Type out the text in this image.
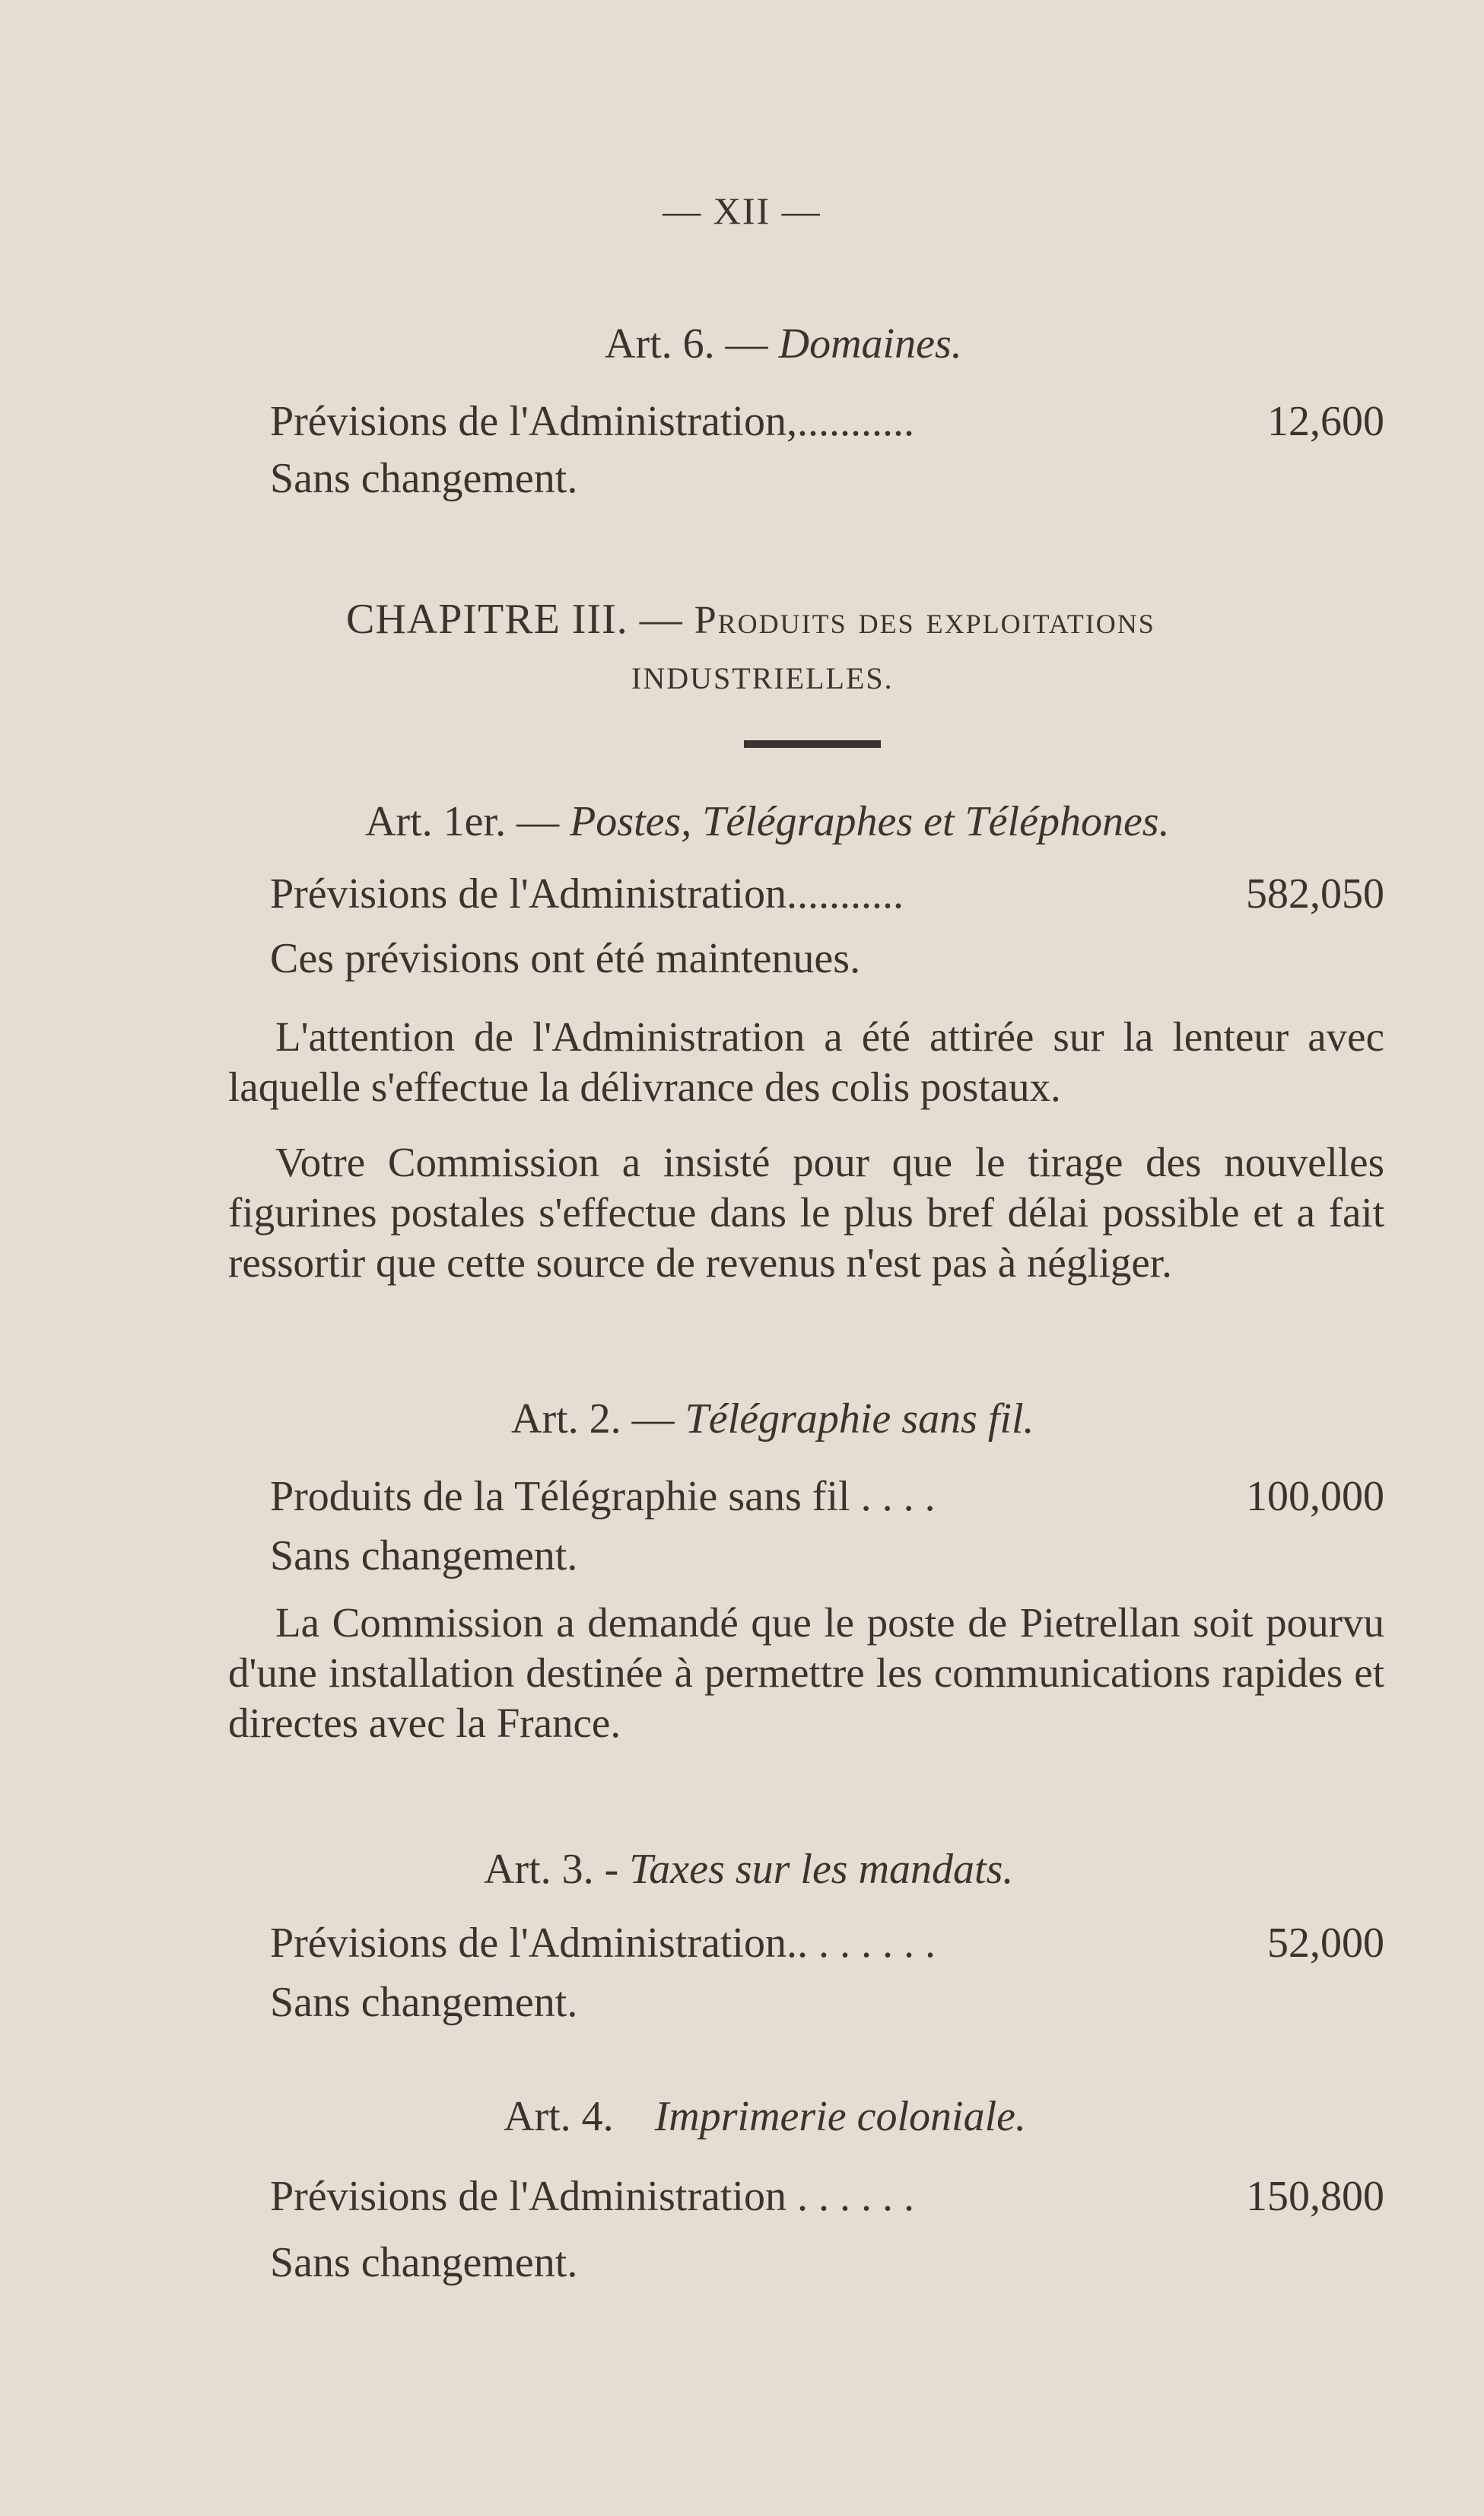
— XII —
Art. 6. — Domaines.
Prévisions de l'Administration,...........	12,600
Sans changement.
CHAPITRE III. — Produits des exploitations
INDUSTRIELLES.
Art. 1er. — Postes, Télégraphes et Téléphones.
Prévisions de l'Administration...........	582,050
Ces prévisions ont été maintenues.
L'attention de l'Administration a été attirée sur la lenteur avec laquelle s'effectue la délivrance des colis postaux.
Votre Commission a insisté pour que le tirage des nouvelles figurines postales s'effectue dans le plus bref délai possible et a fait ressortir que cette source de revenus n'est pas à négliger.
Art. 2. — Télégraphie sans fil.
Produits de la Télégraphie sans fil . . . .	100,000
Sans changement.
La Commission a demandé que le poste de Pietrellan soit pourvu d'une installation destinée à permettre les communications rapides et directes avec la France.
Art. 3. - Taxes sur les mandats.
Prévisions de l'Administration.. . . . . . .	52,000
Sans changement.
Art. 4. Imprimerie coloniale.
Prévisions de l'Administration . . . . . .	150,800
Sans changement.
